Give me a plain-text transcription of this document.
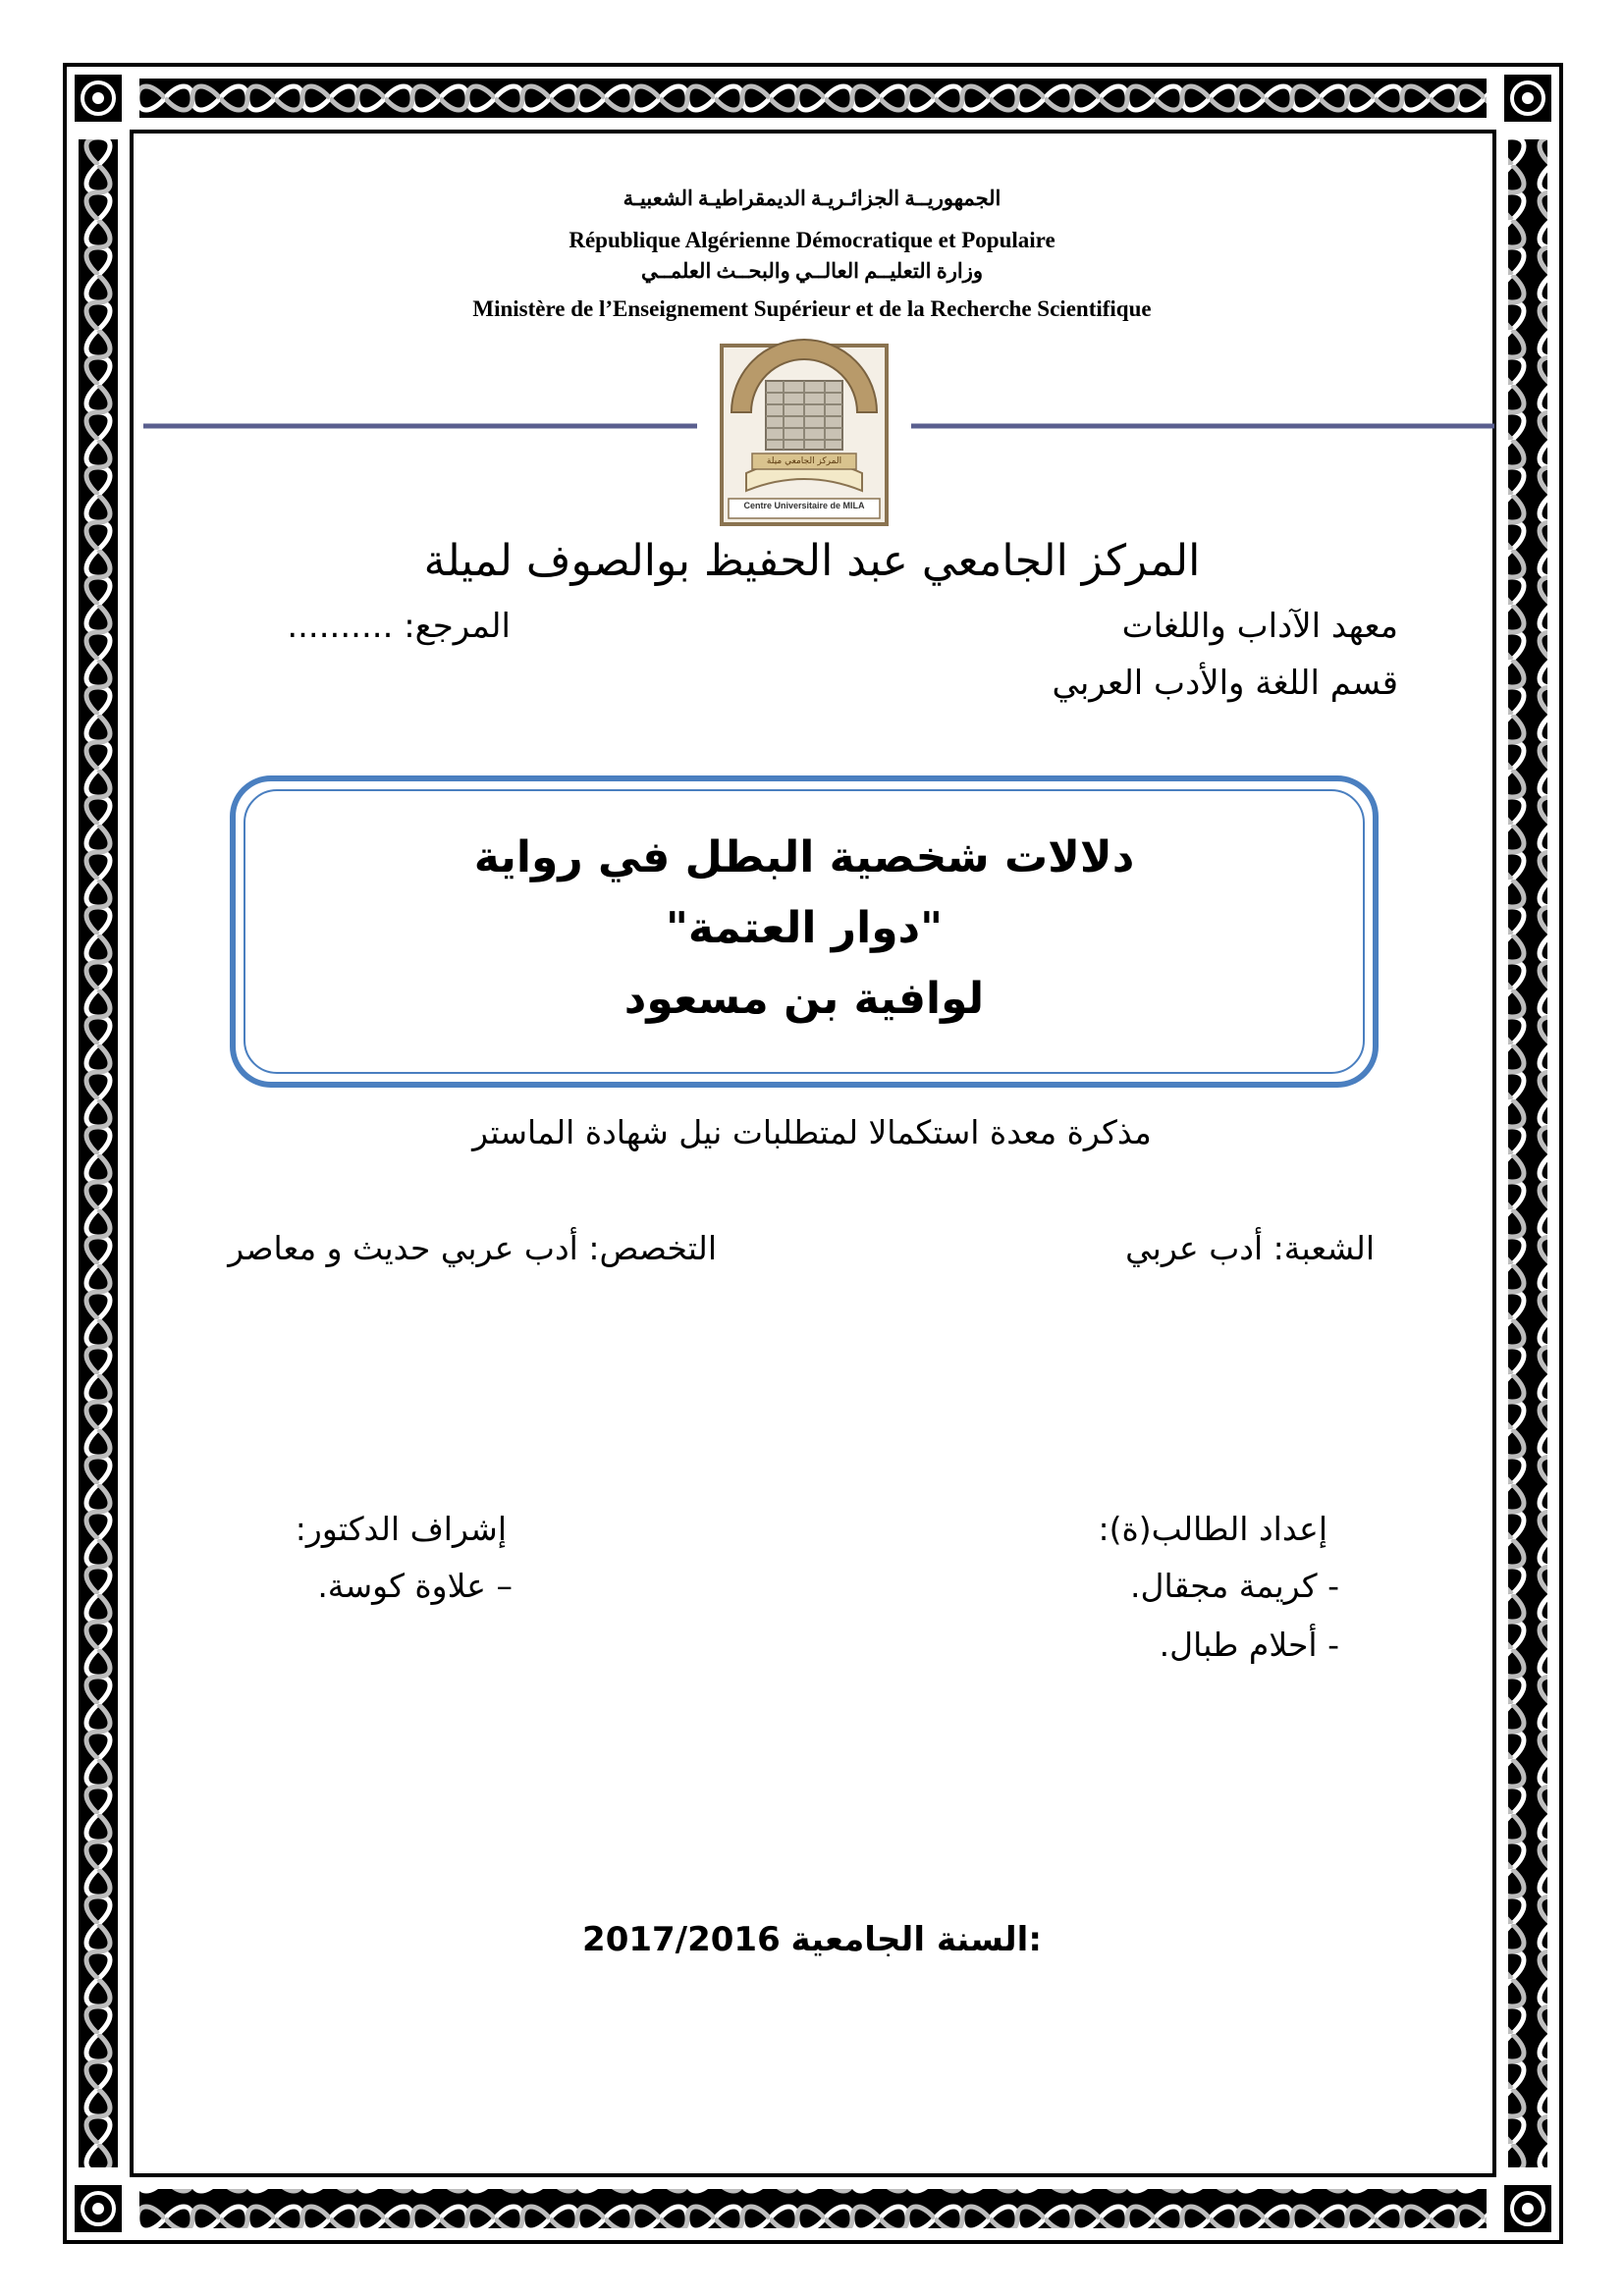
المركز الجامعي ميلة
Centre Universitaire de MILA
الجمهوريــة الجزائـريـة الديمقراطيـة الشعبيـة
République Algérienne Démocratique et Populaire
وزارة التعليــم العالــي والبحــث العلمــي
Ministère de l’Enseignement Supérieur et de la Recherche Scientifique
المركز الجامعي عبد الحفيظ بوالصوف لميلة
معهد الآداب واللغات
المرجع: ..........
قسم اللغة والأدب العربي
دلالات شخصية البطل في رواية
"دوار العتمة"
لوافية بن مسعود
مذكرة معدة استكمالا لمتطلبات نيل شهادة الماستر
الشعبة: أدب عربي
التخصص: أدب عربي حديث و معاصر
إعداد الطالب(ة):
- كريمة مجقال.
- أحلام طبال.
إشراف الدكتور:
– علاوة كوسة.
2017/2016 السنة الجامعية:
